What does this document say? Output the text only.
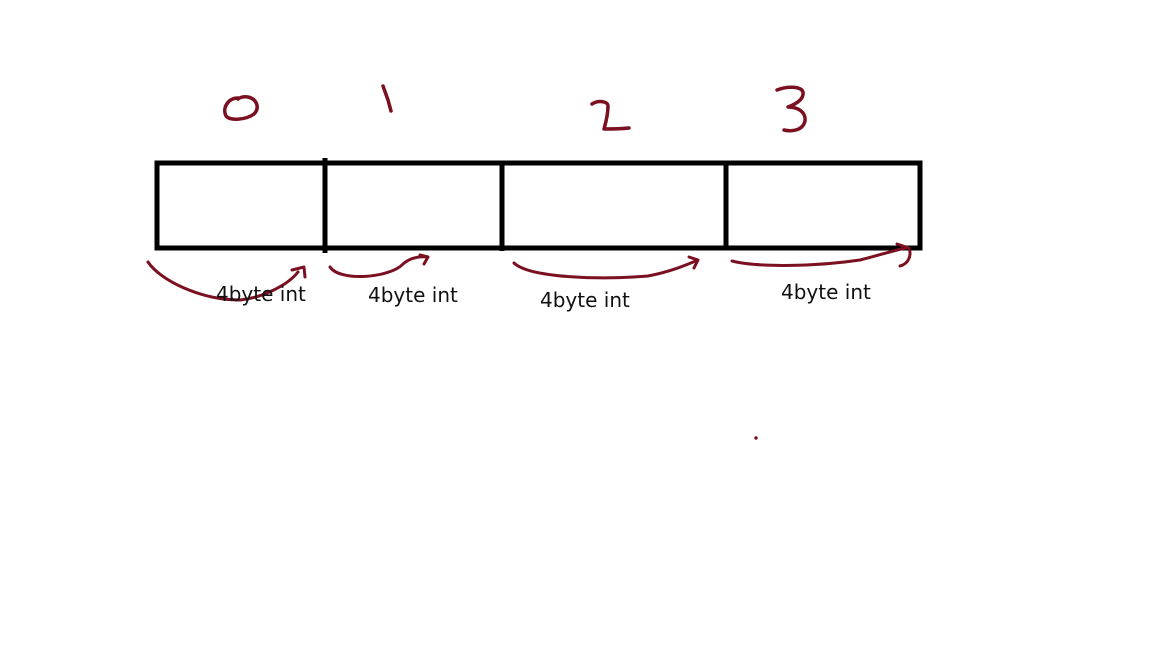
4byte int	4byte int	4byte int	4byte int
